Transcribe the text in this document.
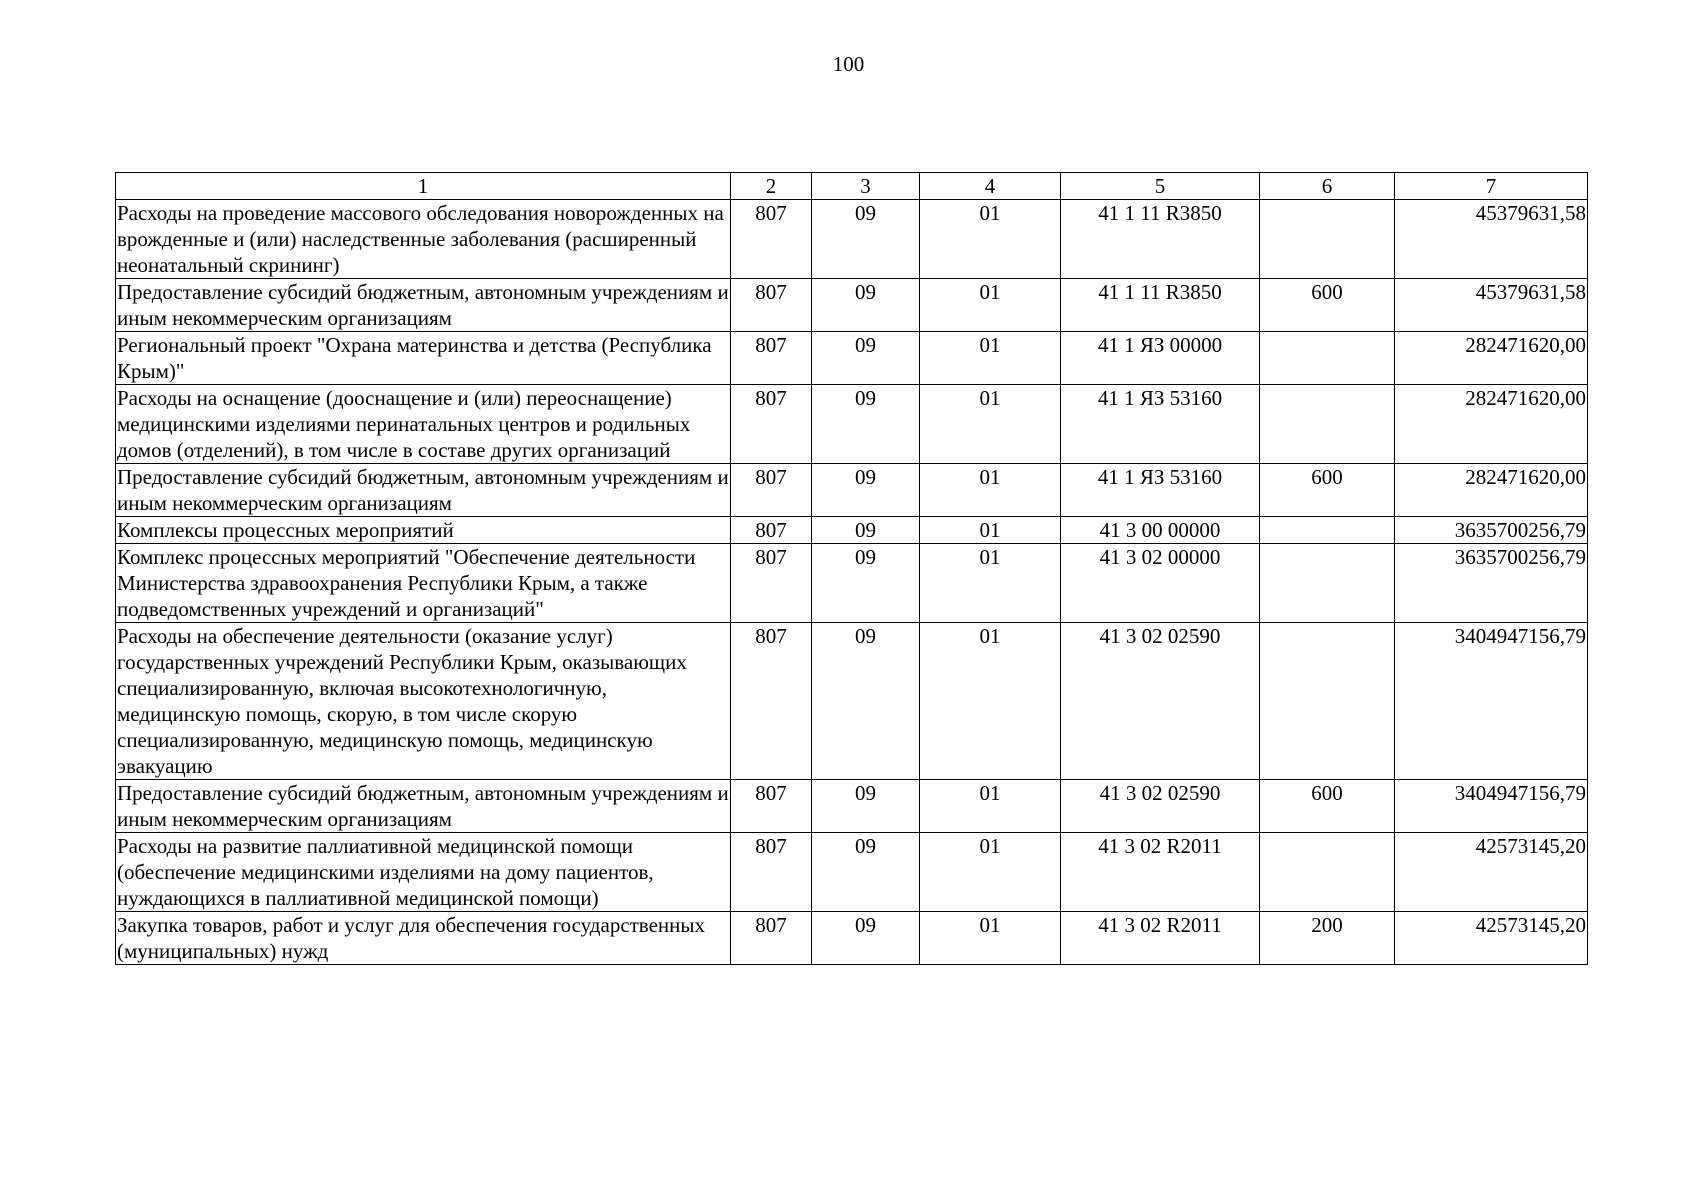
100
1	2	3	4	5	6	7
Расходы на проведение массового обследования новорожденных на врожденные и (или) наследственные заболевания (расширенный неонатальный скрининг)	807	09	01	41 1 11 R3850		45379631,58
Предоставление субсидий бюджетным, автономным учреждениям и иным некоммерческим организациям	807	09	01	41 1 11 R3850	600	45379631,58
Региональный проект "Охрана материнства и детства (Республика Крым)"	807	09	01	41 1 ЯЗ 00000		282471620,00
Расходы на оснащение (дооснащение и (или) переоснащение) медицинскими изделиями перинатальных центров и родильных домов (отделений), в том числе в составе других организаций	807	09	01	41 1 ЯЗ 53160		282471620,00
Предоставление субсидий бюджетным, автономным учреждениям и иным некоммерческим организациям	807	09	01	41 1 ЯЗ 53160	600	282471620,00
Комплексы процессных мероприятий	807	09	01	41 3 00 00000		3635700256,79
Комплекс процессных мероприятий "Обеспечение деятельности Министерства здравоохранения Республики Крым, а также подведомственных учреждений и организаций"	807	09	01	41 3 02 00000		3635700256,79
Расходы на обеспечение деятельности (оказание услуг) государственных учреждений Республики Крым, оказывающих специализированную, включая высокотехнологичную, медицинскую помощь, скорую, в том числе скорую специализированную, медицинскую помощь, медицинскую эвакуацию	807	09	01	41 3 02 02590		3404947156,79
Предоставление субсидий бюджетным, автономным учреждениям и иным некоммерческим организациям	807	09	01	41 3 02 02590	600	3404947156,79
Расходы на развитие паллиативной медицинской помощи (обеспечение медицинскими изделиями на дому пациентов, нуждающихся в паллиативной медицинской помощи)	807	09	01	41 3 02 R2011		42573145,20
Закупка товаров, работ и услуг для обеспечения государственных (муниципальных) нужд	807	09	01	41 3 02 R2011	200	42573145,20
